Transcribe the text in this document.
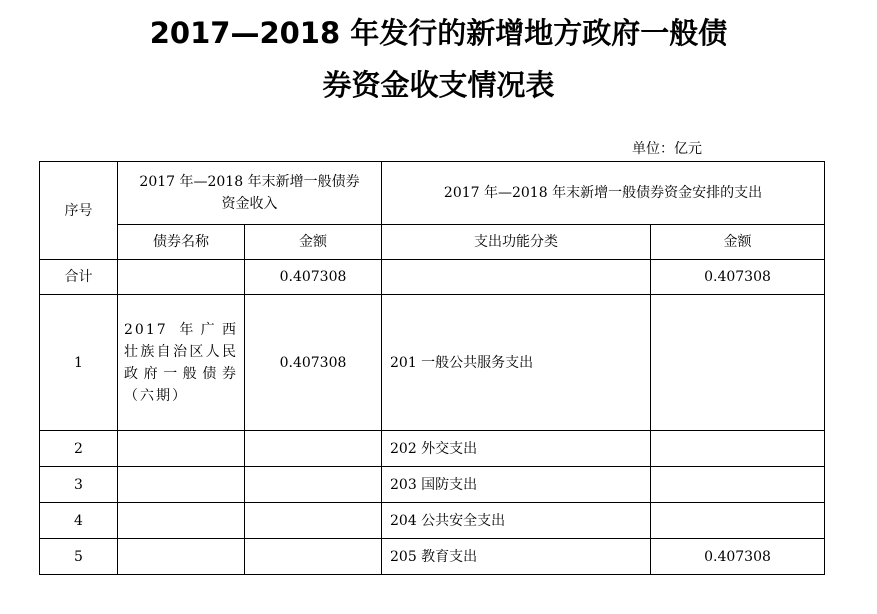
2017—2018 年发行的新增地方政府一般债
券资金收支情况表
单位：亿元
序号	2017 年—2018 年末新增一般债券资金收入		2017 年—2018 年末新增一般债券资金安排的支出	
	债券名称	金额	支出功能分类	金额
合计		0.407308		0.407308
1	2017 年广西壮族自治区人民政府一般债券（六期）	0.407308	201 一般公共服务支出	
2			202 外交支出	
3			203 国防支出	
4			204 公共安全支出	
5			205 教育支出	0.407308
